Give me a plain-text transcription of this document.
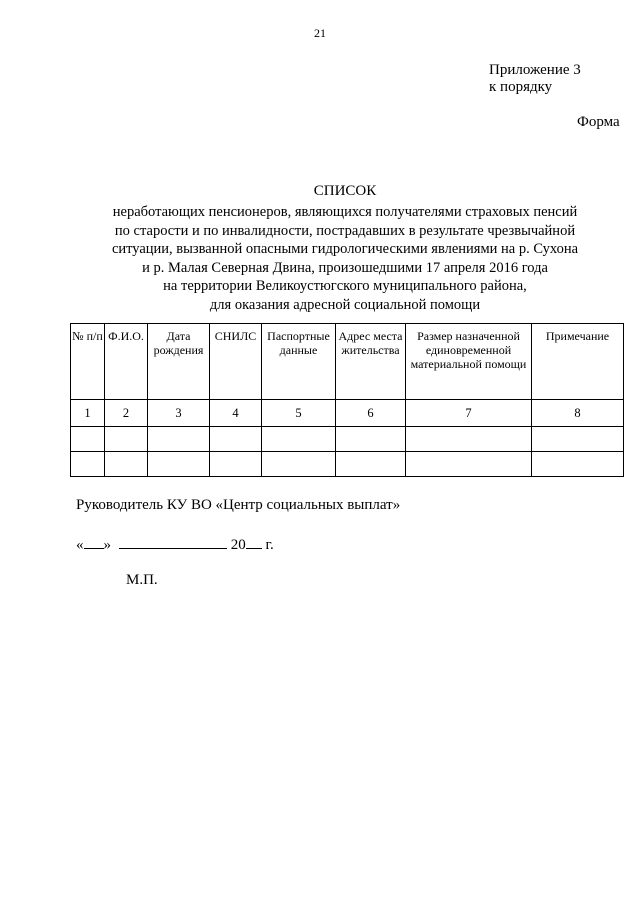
21
Приложение 3
к порядку
Форма
СПИСОК
неработающих пенсионеров, являющихся получателями страховых пенсий
по старости и по инвалидности, пострадавших в результате чрезвычайной
ситуации, вызванной опасными гидрологическими явлениями на р. Сухона
и р. Малая Северная Двина, произошедшими 17 апреля 2016 года
на территории Великоустюгского муниципального района,
для оказания адресной социальной помощи
№ п/п	Ф.И.О.	Дата рождения	СНИЛС	Паспортные данные	Адрес места жительства	Размер назначенной единовременной материальной помощи	Примечание
1	2	3	4	5	6	7	8

Руководитель КУ ВО «Центр социальных выплат»
« »	20 г.
М.П.
